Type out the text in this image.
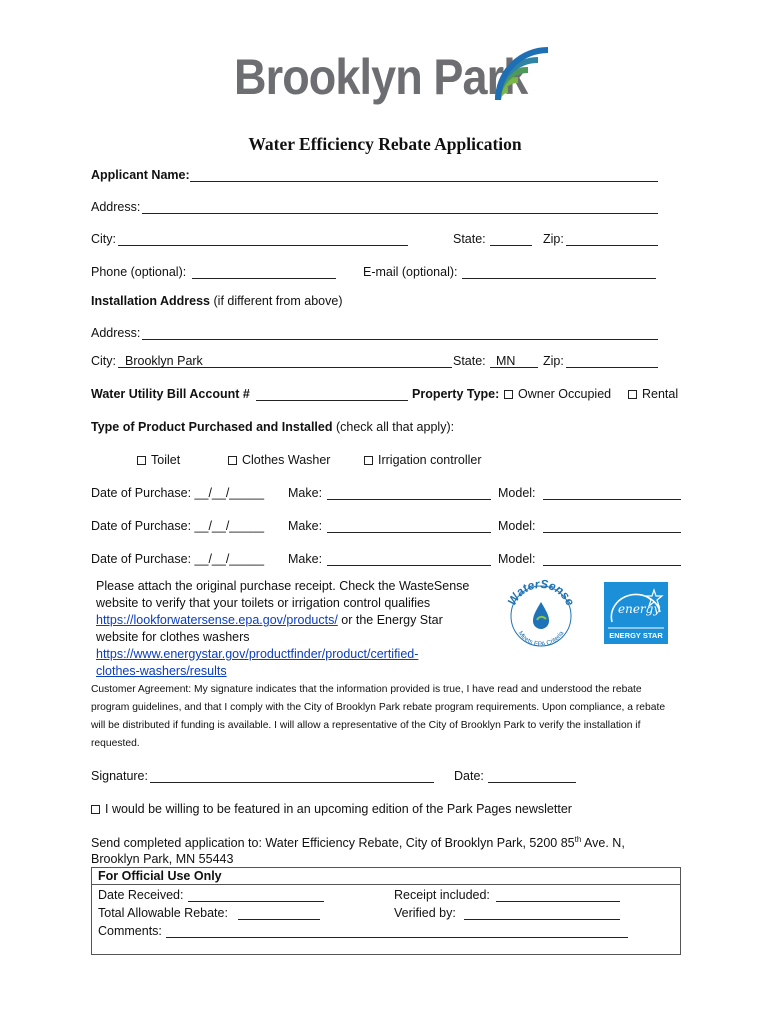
Brooklyn Park
Water Efficiency Rebate Application
Applicant Name:
Address:
City:	State:	Zip:
Phone (optional):	E-mail (optional):
Installation Address (if different from above)
Address:
City: Brooklyn Park	State: MN Zip:
Water Utility Bill Account #	Property Type:	Owner Occupied	Rental
Type of Product Purchased and Installed (check all that apply):
Toilet	Clothes Washer	Irrigation controller
Date of Purchase: __/__/_____ Make:	Model:
Date of Purchase: __/__/_____ Make:	Model:
Date of Purchase: __/__/_____ Make:	Model:
Please attach the original purchase receipt. Check the WasteSense
website to verify that your toilets or irrigation control qualifies
https://lookforwatersense.epa.gov/products/ or the Energy Star
website for clothes washers
https://www.energystar.gov/productfinder/product/certified-
clothes-washers/results
WaterSense
Meets EPA Criteria
energy
ENERGY STAR
Customer Agreement: My signature indicates that the information provided is true, I have read and understood the rebate program guidelines, and that I comply with the City of Brooklyn Park rebate program requirements. Upon compliance, a rebate will be distributed if funding is available. I will allow a representative of the City of Brooklyn Park to verify the installation if requested.
Signature:	Date:
I would be willing to be featured in an upcoming edition of the Park Pages newsletter
Send completed application to: Water Efficiency Rebate, City of Brooklyn Park, 5200 85th Ave. N,
Brooklyn Park, MN 55443
For Official Use Only
Date Received:	Receipt included:
Total Allowable Rebate:	Verified by:
Comments:
